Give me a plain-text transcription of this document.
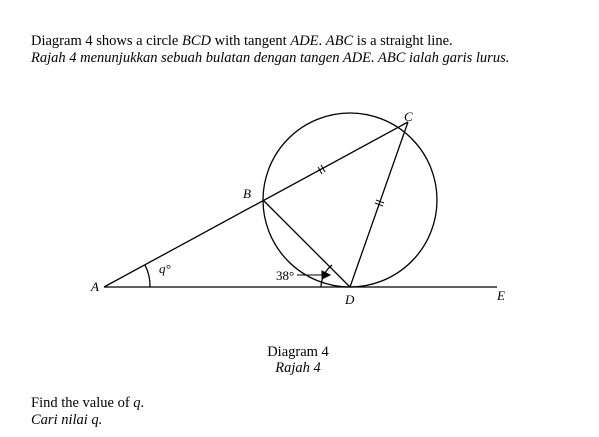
Diagram 4 shows a circle BCD with tangent ADE. ABC is a straight line.
Rajah 4 menunjukkan sebuah bulatan dengan tangen ADE. ABC ialah garis lurus.
A
B
C
D	E
q°	38°
Diagram 4
Rajah 4
Find the value of q.
Cari nilai q.
